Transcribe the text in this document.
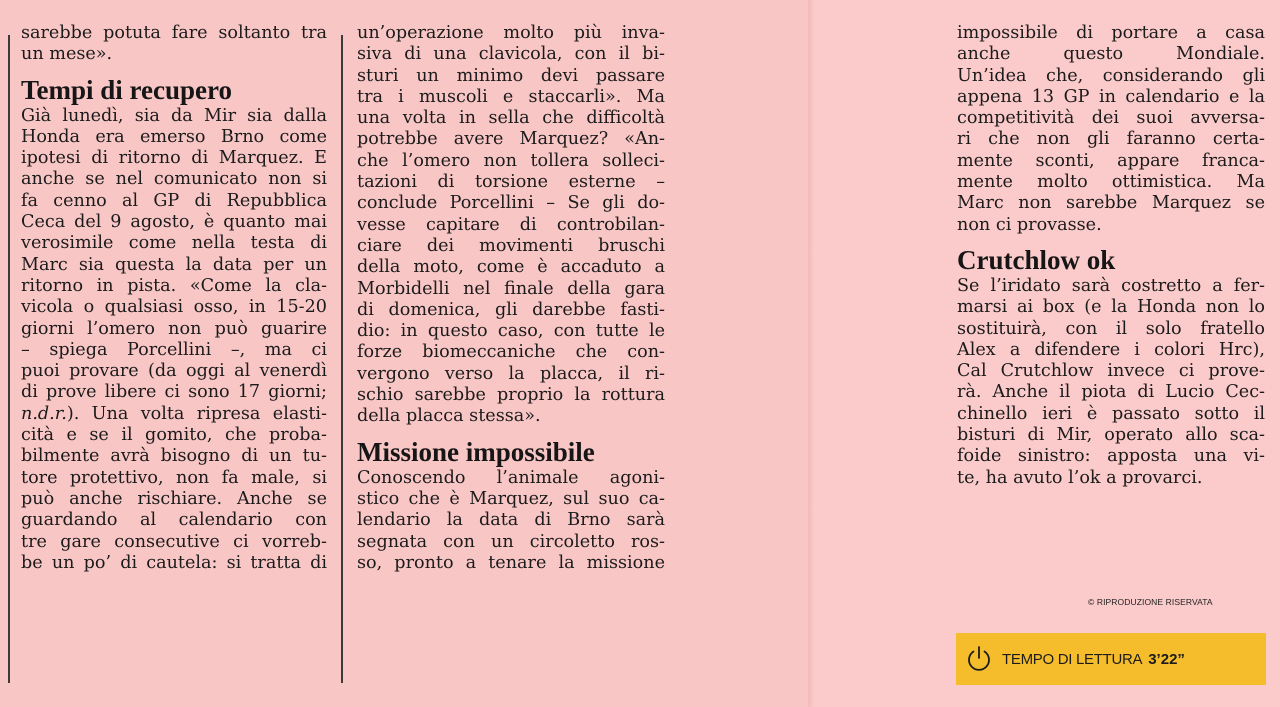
sarebbe potuta fare soltanto tra
un mese».
Tempi di recupero
Già lunedì, sia da Mir sia dalla
Honda era emerso Brno come
ipotesi di ritorno di Marquez. E
anche se nel comunicato non si
fa cenno al GP di Repubblica
Ceca del 9 agosto, è quanto mai
verosimile come nella testa di
Marc sia questa la data per un
ritorno in pista. «Come la cla-
vicola o qualsiasi osso, in 15-20
giorni l’omero non può guarire
– spiega Porcellini –, ma ci
puoi provare (da oggi al venerdì
di prove libere ci sono 17 giorni;
n.d.r.). Una volta ripresa elasti-
cità e se il gomito, che proba-
bilmente avrà bisogno di un tu-
tore protettivo, non fa male, si
può anche rischiare. Anche se
guardando al calendario con
tre gare consecutive ci vorreb-
be un po’ di cautela: si tratta di
un’operazione molto più inva-
siva di una clavicola, con il bi-
sturi un minimo devi passare
tra i muscoli e staccarli». Ma
una volta in sella che difficoltà
potrebbe avere Marquez? «An-
che l’omero non tollera solleci-
tazioni di torsione esterne –
conclude Porcellini – Se gli do-
vesse capitare di controbilan-
ciare dei movimenti bruschi
della moto, come è accaduto a
Morbidelli nel finale della gara
di domenica, gli darebbe fasti-
dio: in questo caso, con tutte le
forze biomeccaniche che con-
vergono verso la placca, il ri-
schio sarebbe proprio la rottura
della placca stessa».
Missione impossibile
Conoscendo l’animale agoni-
stico che è Marquez, sul suo ca-
lendario la data di Brno sarà
segnata con un circoletto ros-
so, pronto a tenare la missione
impossibile di portare a casa
anche questo Mondiale.
Un’idea che, considerando gli
appena 13 GP in calendario e la
competitività dei suoi avversa-
ri che non gli faranno certa-
mente sconti, appare franca-
mente molto ottimistica. Ma
Marc non sarebbe Marquez se
non ci provasse.
Crutchlow ok
Se l’iridato sarà costretto a fer-
marsi ai box (e la Honda non lo
sostituirà, con il solo fratello
Alex a difendere i colori Hrc),
Cal Crutchlow invece ci prove-
rà. Anche il piota di Lucio Cec-
chinello ieri è passato sotto il
bisturi di Mir, operato allo sca-
foide sinistro: apposta una vi-
te, ha avuto l’ok a provarci.
© RIPRODUZIONE RISERVATA
TEMPO DI LETTURA 3’22”
